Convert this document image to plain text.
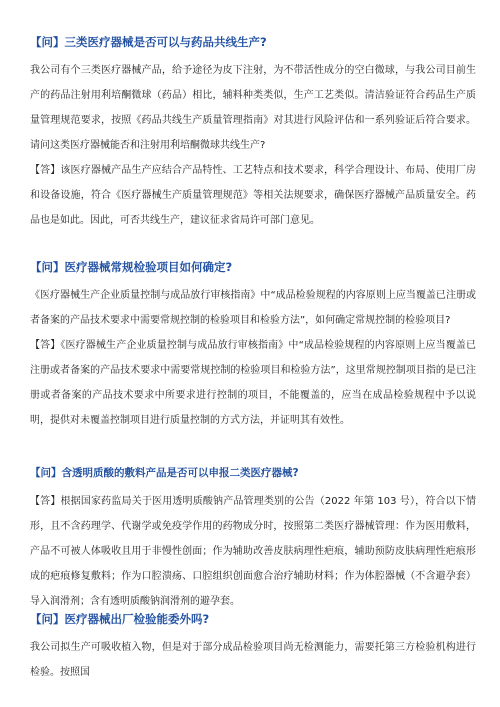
【问】三类医疗器械是否可以与药品共线生产?

我公司有个三类医疗器械产品，给予途径为皮下注射，为不带活性成分的空白微球，与我公司目前生产的药品注射用利培酮微球（药品）相比，辅料种类类似，生产工艺类似。清洁验证符合药品生产质量管理规范要求，按照《药品共线生产质量管理指南》对其进行风险评估和一系列验证后符合要求。请问这类医疗器械能否和注射用利培酮微球共线生产?

【答】该医疗器械产品生产应结合产品特性、工艺特点和技术要求，科学合理设计、布局、使用厂房和设备设施，符合《医疗器械生产质量管理规范》等相关法规要求，确保医疗器械产品质量安全。药品也是如此。因此，可否共线生产，建议征求省局许可部门意见。

【问】医疗器械常规检验项目如何确定?

《医疗器械生产企业质量控制与成品放行审核指南》中“成品检验规程的内容原则上应当覆盖已注册或者备案的产品技术要求中需要常规控制的检验项目和检验方法”，如何确定常规控制的检验项目?

【答】《医疗器械生产企业质量控制与成品放行审核指南》中“成品检验规程的内容原则上应当覆盖已注册或者备案的产品技术要求中需要常规控制的检验项目和检验方法”，这里常规控制项目指的是已注册或者备案的产品技术要求中所要求进行控制的项目，不能覆盖的，应当在成品检验规程中予以说明，提供对未覆盖控制项目进行质量控制的方式方法，并证明其有效性。

【问】含透明质酸的敷料产品是否可以申报二类医疗器械?

【答】根据国家药监局关于医用透明质酸钠产品管理类别的公告（2022 年第 103 号），符合以下情形，且不含药理学、代谢学或免疫学作用的药物成分时，按照第二类医疗器械管理：作为医用敷料，产品不可被人体吸收且用于非慢性创面；作为辅助改善皮肤病理性疤痕，辅助预防皮肤病理性疤痕形成的疤痕修复敷料；作为口腔溃疡、口腔组织创面愈合治疗辅助材料；作为体腔器械（不含避孕套）导入润滑剂；含有透明质酸钠润滑剂的避孕套。

【问】医疗器械出厂检验能委外吗?

我公司拟生产可吸收植入物，但是对于部分成品检验项目尚无检测能力，需要托第三方检验机构进行检验。按照国
